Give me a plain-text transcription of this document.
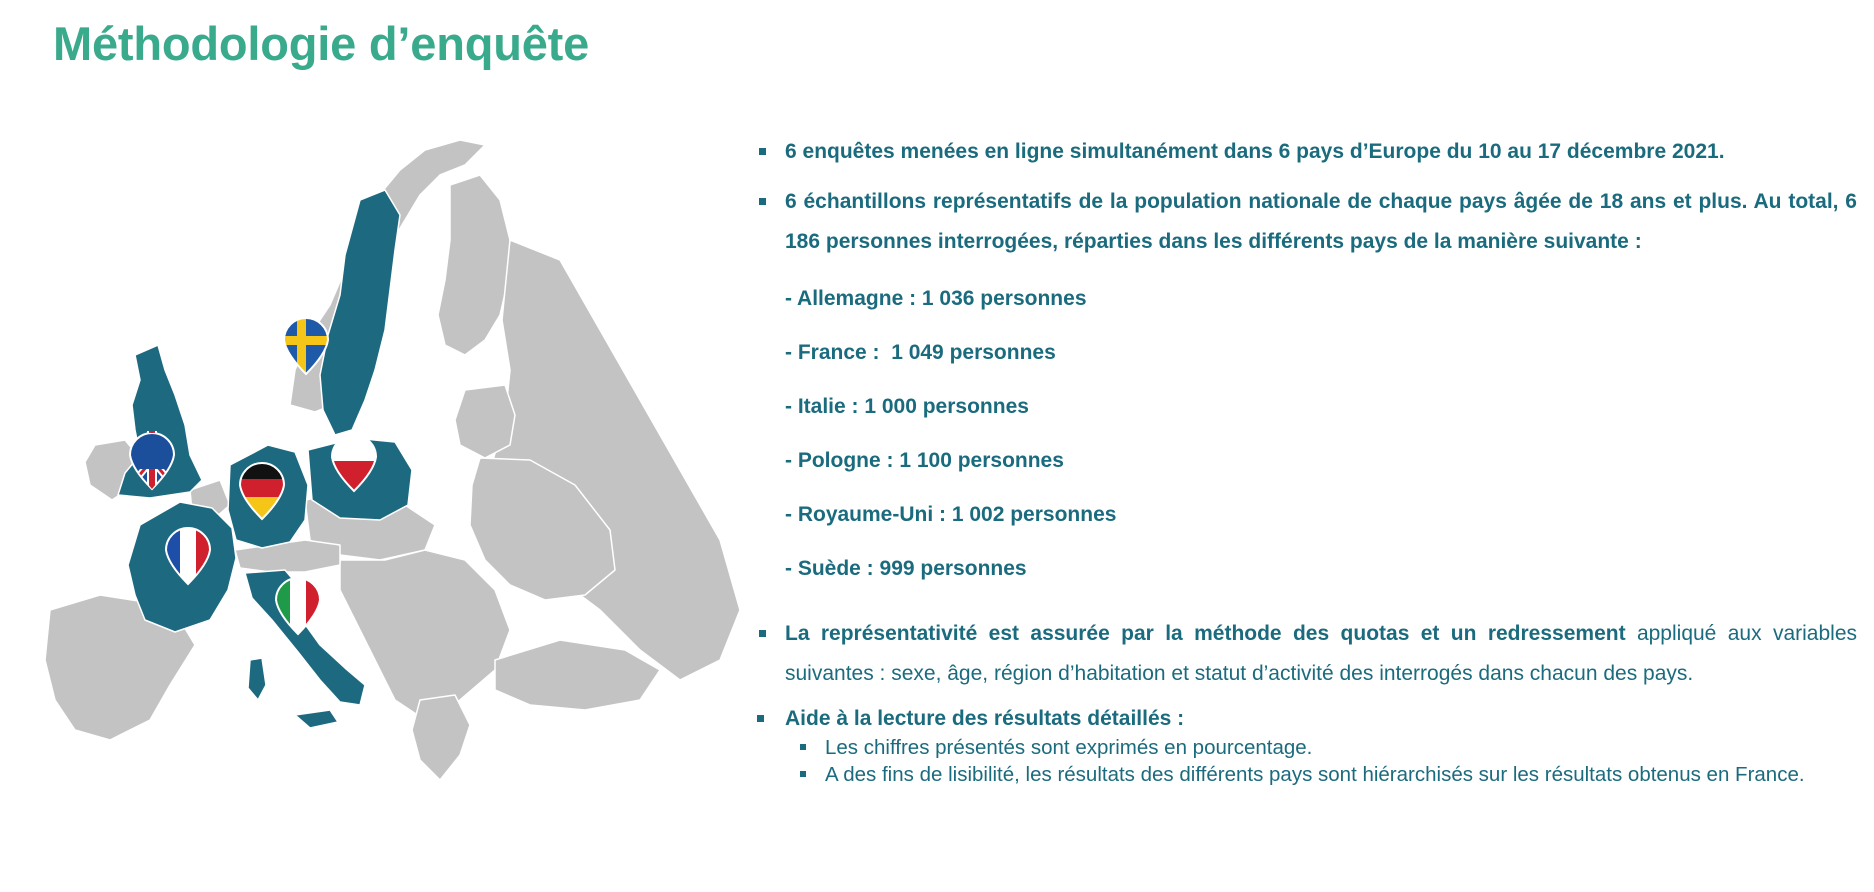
Méthodologie d’enquête
6 enquêtes menées en ligne simultanément dans 6 pays d’Europe du 10 au 17 décembre 2021.
6 échantillons représentatifs de la population nationale de chaque pays âgée de 18 ans et plus. Au total, 6 186 personnes interrogées, réparties dans les différents pays de la manière suivante :
- Allemagne : 1 036 personnes
- France :  1 049 personnes
- Italie : 1 000 personnes
- Pologne : 1 100 personnes
- Royaume-Uni : 1 002 personnes
- Suède : 999 personnes
La représentativité est assurée par la méthode des quotas et un redressement appliqué aux variables suivantes : sexe, âge, région d’habitation et statut d’activité des interrogés dans chacun des pays.
Aide à la lecture des résultats détaillés :
Les chiffres présentés sont exprimés en pourcentage.
A des fins de lisibilité, les résultats des différents pays sont hiérarchisés sur les résultats obtenus en France.
